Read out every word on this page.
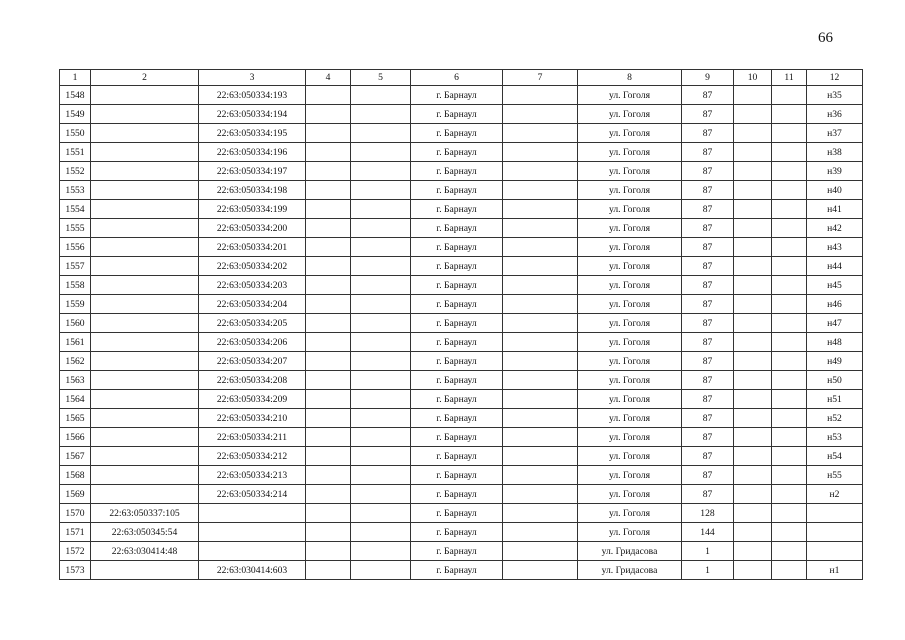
66
1	2	3	4	5	6	7	8	9	10	11	12
1548		22:63:050334:193			г. Барнаул		ул. Гоголя	87			н35
1549		22:63:050334:194			г. Барнаул		ул. Гоголя	87			н36
1550		22:63:050334:195			г. Барнаул		ул. Гоголя	87			н37
1551		22:63:050334:196			г. Барнаул		ул. Гоголя	87			н38
1552		22:63:050334:197			г. Барнаул		ул. Гоголя	87			н39
1553		22:63:050334:198			г. Барнаул		ул. Гоголя	87			н40
1554		22:63:050334:199			г. Барнаул		ул. Гоголя	87			н41
1555		22:63:050334:200			г. Барнаул		ул. Гоголя	87			н42
1556		22:63:050334:201			г. Барнаул		ул. Гоголя	87			н43
1557		22:63:050334:202			г. Барнаул		ул. Гоголя	87			н44
1558		22:63:050334:203			г. Барнаул		ул. Гоголя	87			н45
1559		22:63:050334:204			г. Барнаул		ул. Гоголя	87			н46
1560		22:63:050334:205			г. Барнаул		ул. Гоголя	87			н47
1561		22:63:050334:206			г. Барнаул		ул. Гоголя	87			н48
1562		22:63:050334:207			г. Барнаул		ул. Гоголя	87			н49
1563		22:63:050334:208			г. Барнаул		ул. Гоголя	87			н50
1564		22:63:050334:209			г. Барнаул		ул. Гоголя	87			н51
1565		22:63:050334:210			г. Барнаул		ул. Гоголя	87			н52
1566		22:63:050334:211			г. Барнаул		ул. Гоголя	87			н53
1567		22:63:050334:212			г. Барнаул		ул. Гоголя	87			н54
1568		22:63:050334:213			г. Барнаул		ул. Гоголя	87			н55
1569		22:63:050334:214			г. Барнаул		ул. Гоголя	87			н2
1570	22:63:050337:105				г. Барнаул		ул. Гоголя	128			
1571	22:63:050345:54				г. Барнаул		ул. Гоголя	144			
1572	22:63:030414:48				г. Барнаул		ул. Гридасова	1			
1573		22:63:030414:603			г. Барнаул		ул. Гридасова	1			н1
